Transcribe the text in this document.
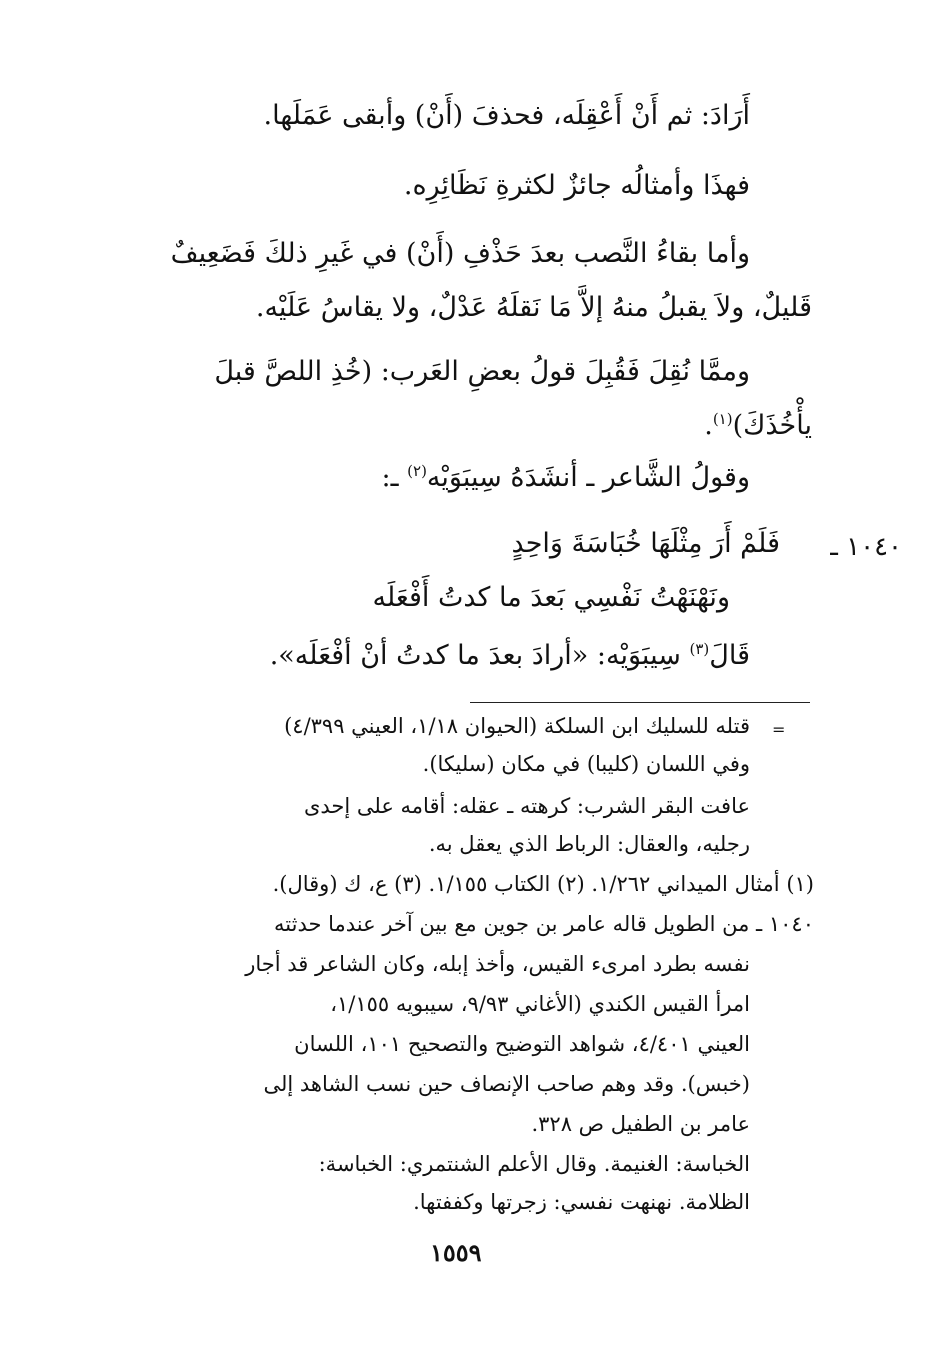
أَرَادَ: ثم أَنْ أَعْقِلَه، فحذفَ (أَنْ) وأبقى عَمَلَها.
فهذَا وأمثالُه جائزٌ لكثرةِ نَظَائِرِه.
وأما بقاءُ النَّصب بعدَ حَذْفِ (أَنْ) في غَيرِ ذلكَ فَضَعِيفٌ
قَليلٌ، ولاَ يقبلُ منهُ إلاَّ مَا نَقلَهُ عَدْلٌ، ولا يقاسُ عَلَيْه.
وممَّا نُقِلَ فَقُبِلَ قولُ بعضِ العَرب: (خُذِ اللصَّ قبلَ
يأْخُذَكَ)$^{(١)}$.
وقولُ الشَّاعر ـ أنشَدَهُ سِيبَوَيْه$^{(٢)}$ ـ:
١٠٤٠ ـ
فَلَمْ أَرَ مِثْلَهَا خُبَاسَةَ وَاحِدٍ
ونَهْنَهْتُ نَفْسِي بَعدَ ما كدتُ أَفْعَلَه
قَالَ$^{(٣)}$ سِيبَوَيْه: «أرادَ بعدَ ما كدتُ أنْ أفْعَلَه».
=
قتله للسليك ابن السلكة (الحيوان ١/١٨، العيني ٤/٣٩٩)
وفي اللسان (كليبا) في مكان (سليكا).
عافت البقر الشرب: كرهته ـ عقله: أقامه على إحدى
رجليه، والعقال: الرباط الذي يعقل به.
(١) أمثال الميداني ١/٢٦٢. (٢) الكتاب ١/١٥٥. (٣) ع، ك (وقال).
١٠٤٠ ـ من الطويل قاله عامر بن جوين مع بين آخر عندما حدثته
نفسه بطرد امرىء القيس، وأخذ إبله، وكان الشاعر قد أجار
امرأ القيس الكندي (الأغاني ٩/٩٣، سيبويه ١/١٥٥،
العيني ٤/٤٠١، شواهد التوضيح والتصحيح ١٠١، اللسان
(خبس). وقد وهم صاحب الإنصاف حين نسب الشاهد إلى
عامر بن الطفيل ص ٣٢٨.
الخباسة: الغنيمة. وقال الأعلم الشنتمري: الخباسة:
الظلامة. نهنهت نفسي: زجرتها وكففتها.
١٥٥٩
